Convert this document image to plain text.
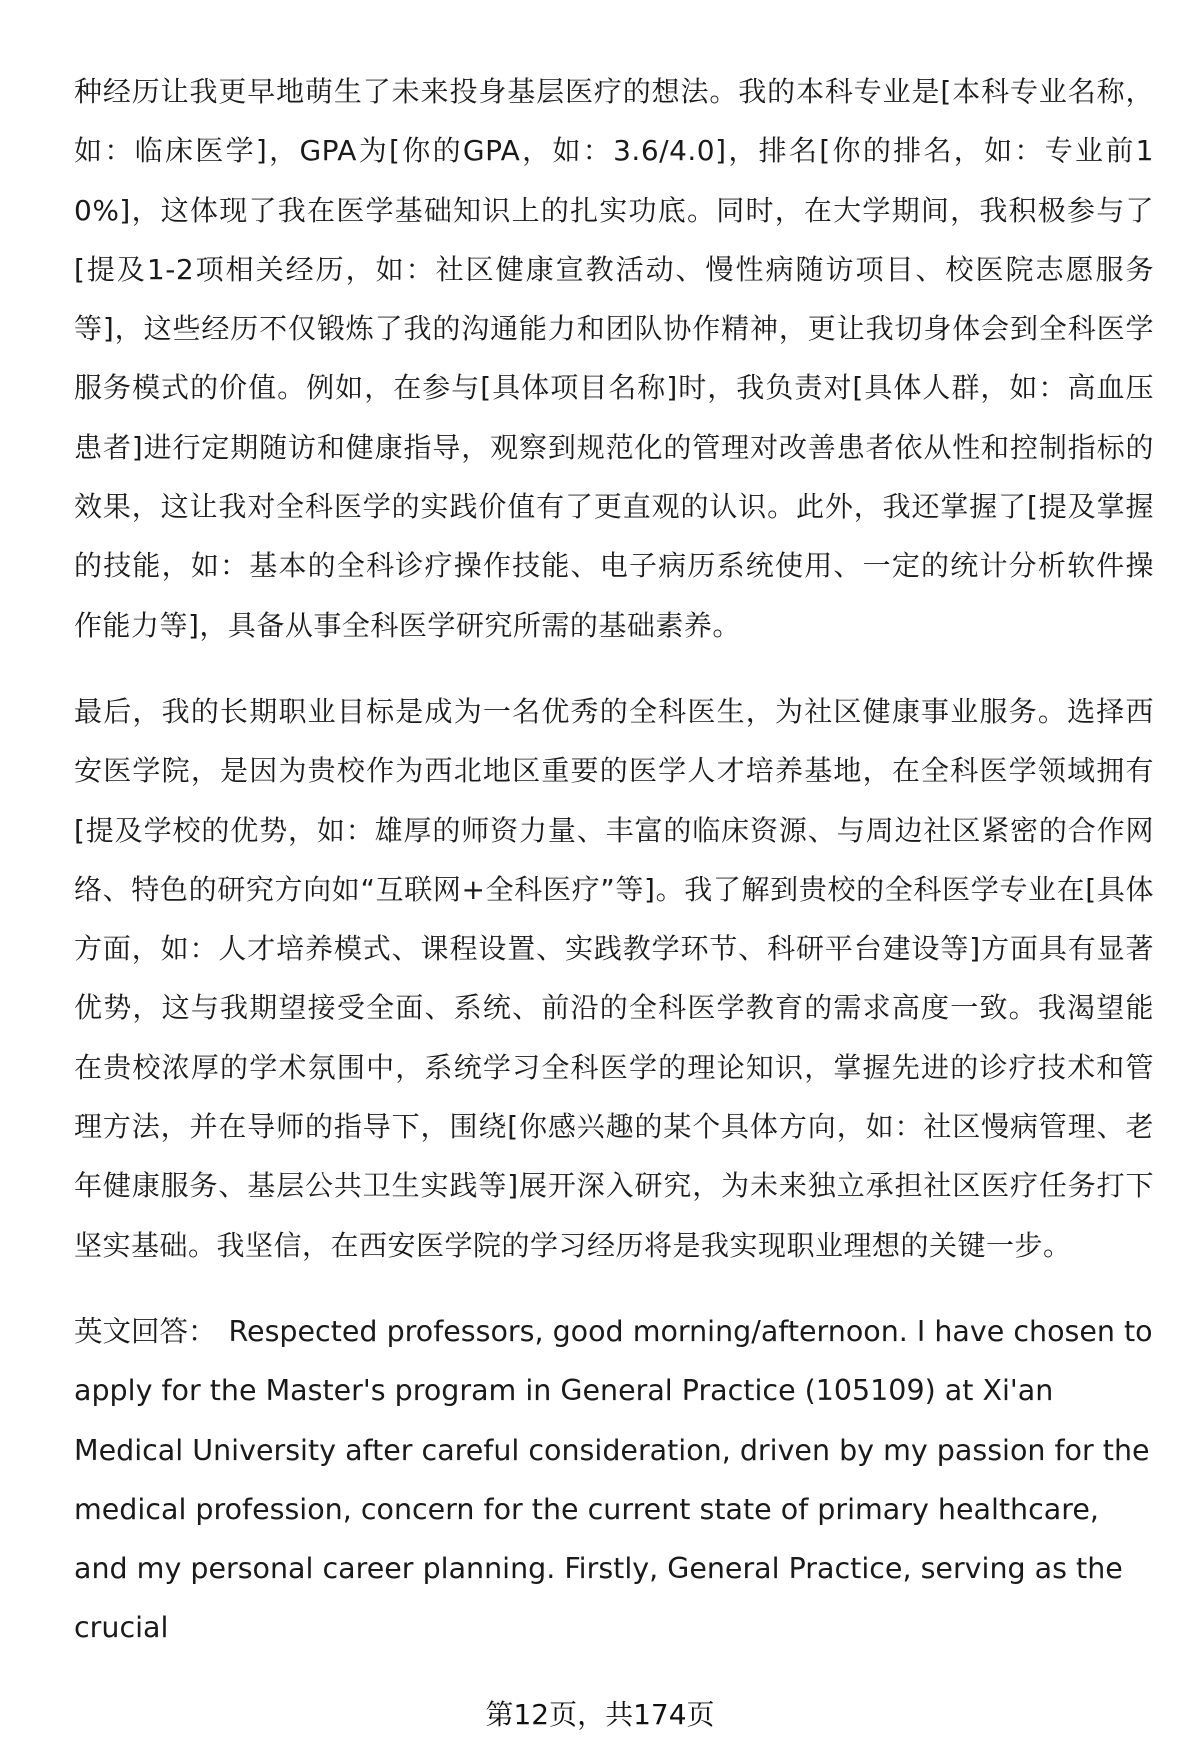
种经历让我更早地萌生了未来投身基层医疗的想法。我的本科专业是[本科专业名称，如：临床医学]，GPA为[你的GPA，如：3.6/4.0]，排名[你的排名，如：专业前10%]，这体现了我在医学基础知识上的扎实功底。同时，在大学期间，我积极参与了[提及1-2项相关经历，如：社区健康宣教活动、慢性病随访项目、校医院志愿服务等]，这些经历不仅锻炼了我的沟通能力和团队协作精神，更让我切身体会到全科医学服务模式的价值。例如，在参与[具体项目名称]时，我负责对[具体人群，如：高血压患者]进行定期随访和健康指导，观察到规范化的管理对改善患者依从性和控制指标的效果，这让我对全科医学的实践价值有了更直观的认识。此外，我还掌握了[提及掌握的技能，如：基本的全科诊疗操作技能、电子病历系统使用、一定的统计分析软件操作能力等]，具备从事全科医学研究所需的基础素养。

最后，我的长期职业目标是成为一名优秀的全科医生，为社区健康事业服务。选择西安医学院，是因为贵校作为西北地区重要的医学人才培养基地，在全科医学领域拥有[提及学校的优势，如：雄厚的师资力量、丰富的临床资源、与周边社区紧密的合作网络、特色的研究方向如“互联网+全科医疗”等]。我了解到贵校的全科医学专业在[具体方面，如：人才培养模式、课程设置、实践教学环节、科研平台建设等]方面具有显著优势，这与我期望接受全面、系统、前沿的全科医学教育的需求高度一致。我渴望能在贵校浓厚的学术氛围中，系统学习全科医学的理论知识，掌握先进的诊疗技术和管理方法，并在导师的指导下，围绕[你感兴趣的某个具体方向，如：社区慢病管理、老年健康服务、基层公共卫生实践等]展开深入研究，为未来独立承担社区医疗任务打下坚实基础。我坚信，在西安医学院的学习经历将是我实现职业理想的关键一步。

英文回答： Respected professors, good morning/afternoon. I have chosen to apply for the Master's program in General Practice (105109) at Xi'an Medical University after careful consideration, driven by my passion for the medical profession, concern for the current state of primary healthcare, and my personal career planning. Firstly, General Practice, serving as the crucial

第12页，共174页
